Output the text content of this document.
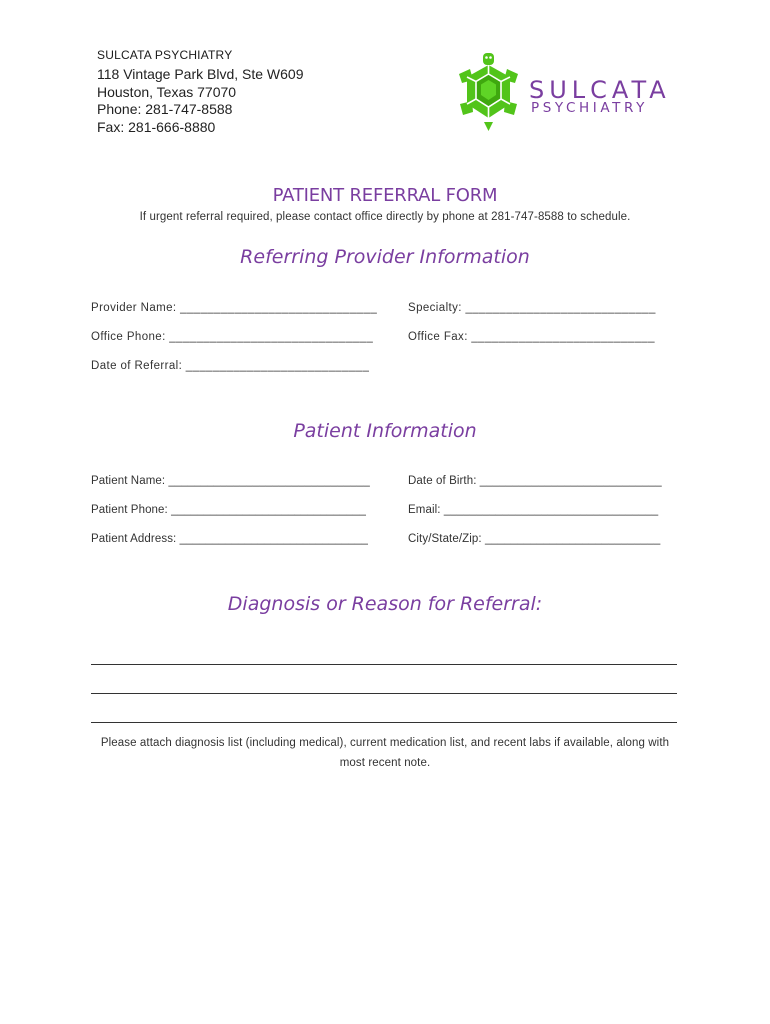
SULCATA PSYCHIATRY
118 Vintage Park Blvd, Ste W609
Houston, Texas 77070
Phone: 281-747-8588
Fax: 281-666-8880
SULCATA
PSYCHIATRY
PATIENT REFERRAL FORM
If urgent referral required, please contact office directly by phone at 281-747-8588 to schedule.
Referring Provider Information
Provider Name: _____________________________	Specialty: ____________________________
Office Phone: ______________________________	Office Fax: ___________________________
Date of Referral: ___________________________
Patient Information
Patient Name: _______________________________	Date of Birth: ____________________________
Patient Phone: ______________________________	Email: _________________________________
Patient Address: _____________________________	City/State/Zip: ___________________________
Diagnosis or Reason for Referral:
Please attach diagnosis list (including medical), current medication list, and recent labs if available, along with most recent note.
